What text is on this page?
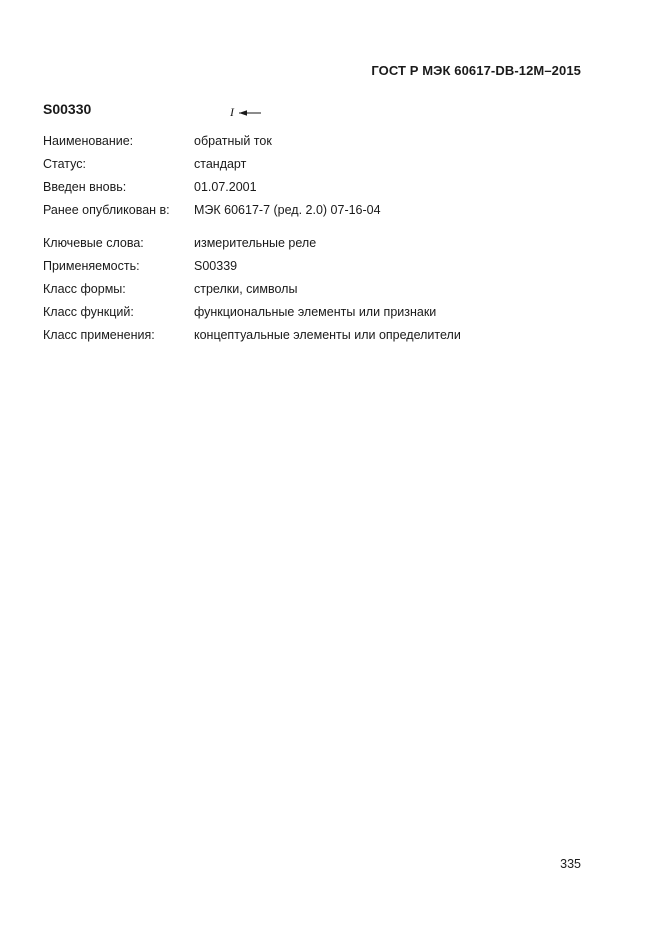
ГОСТ Р МЭК 60617-DB-12M–2015
S00330	I
Наименование:	обратный ток
Статус:	стандарт
Введен вновь:	01.07.2001
Ранее опубликован в: МЭК 60617-7 (ред. 2.0) 07-16-04
Ключевые слова:	измерительные реле
Применяемость:	S00339
Класс формы:	стрелки, символы
Класс функций:	функциональные элементы или признаки
Класс применения:	концептуальные элементы или определители
335
